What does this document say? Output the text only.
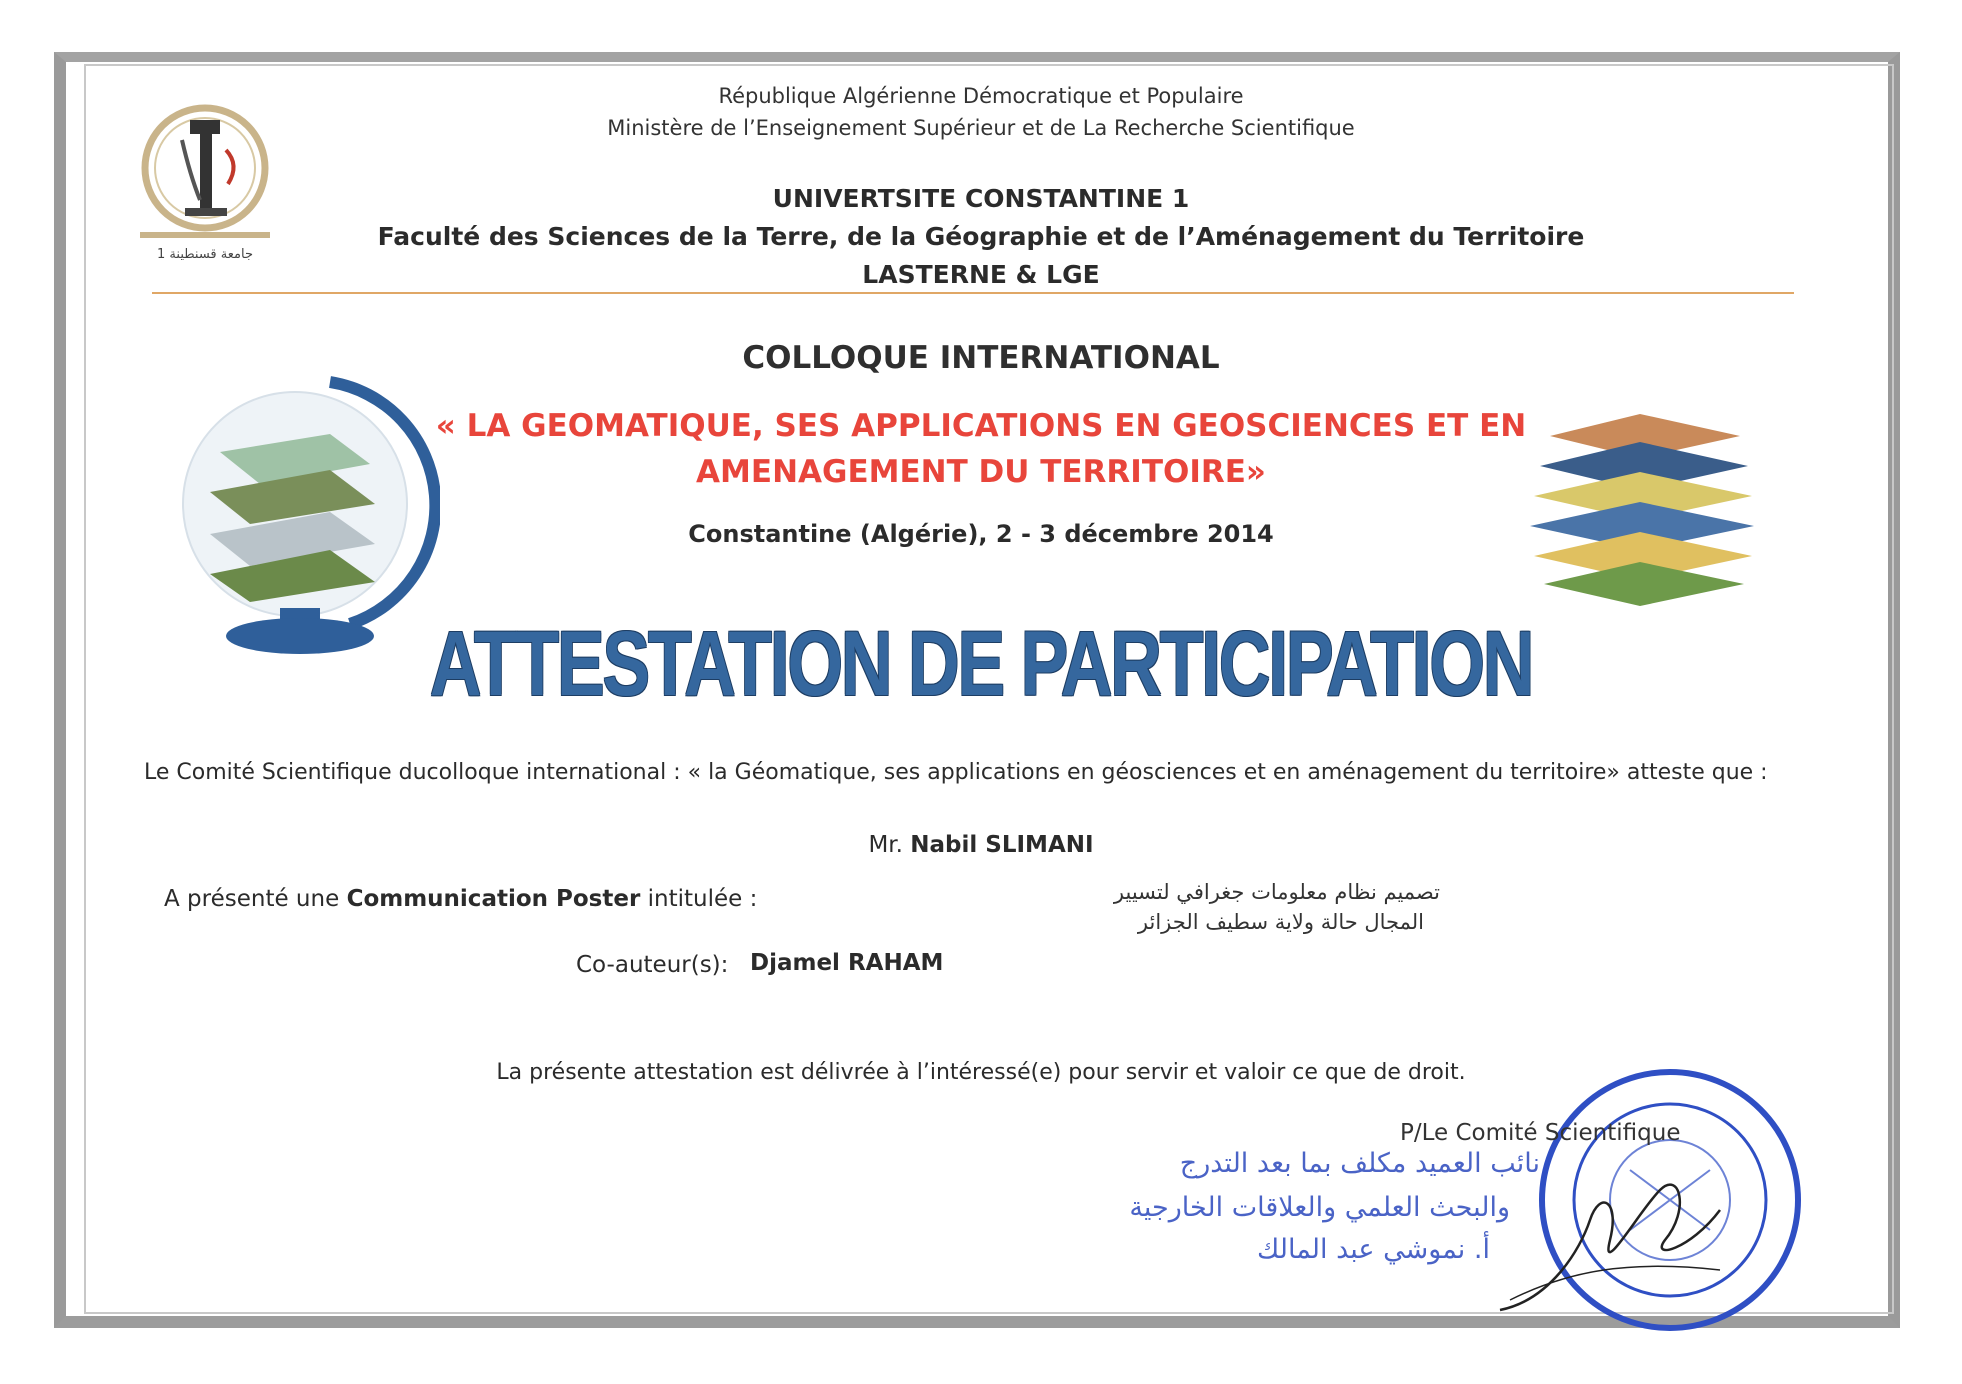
جامعة قسنطينة 1
République Algérienne Démocratique et Populaire
Ministère de l’Enseignement Supérieur et de La Recherche Scientifique
UNIVERTSITE CONSTANTINE 1
Faculté des Sciences de la Terre, de la Géographie et de l’Aménagement du Territoire
LASTERNE & LGE
COLLOQUE INTERNATIONAL
« LA GEOMATIQUE, SES APPLICATIONS EN GEOSCIENCES ET EN
AMENAGEMENT DU TERRITOIRE»
Constantine (Algérie), 2 - 3 décembre 2014
ATTESTATION DE PARTICIPATION
Le Comité Scientifique ducolloque international : « la Géomatique, ses applications en géosciences et en aménagement du territoire» atteste que :
Mr. Nabil SLIMANI
A présenté une Communication Poster intitulée :	تصميم نظام معلومات جغرافي لتسيير
المجال حالة ولاية سطيف الجزائر
Co-auteur(s): Djamel RAHAM
La présente attestation est délivrée à l’intéressé(e) pour servir et valoir ce que de droit.
P/Le Comité Scientifique
نائب العميد مكلف بما بعد التدرج
والبحث العلمي والعلاقات الخارجية
أ. نموشي عبد المالك
